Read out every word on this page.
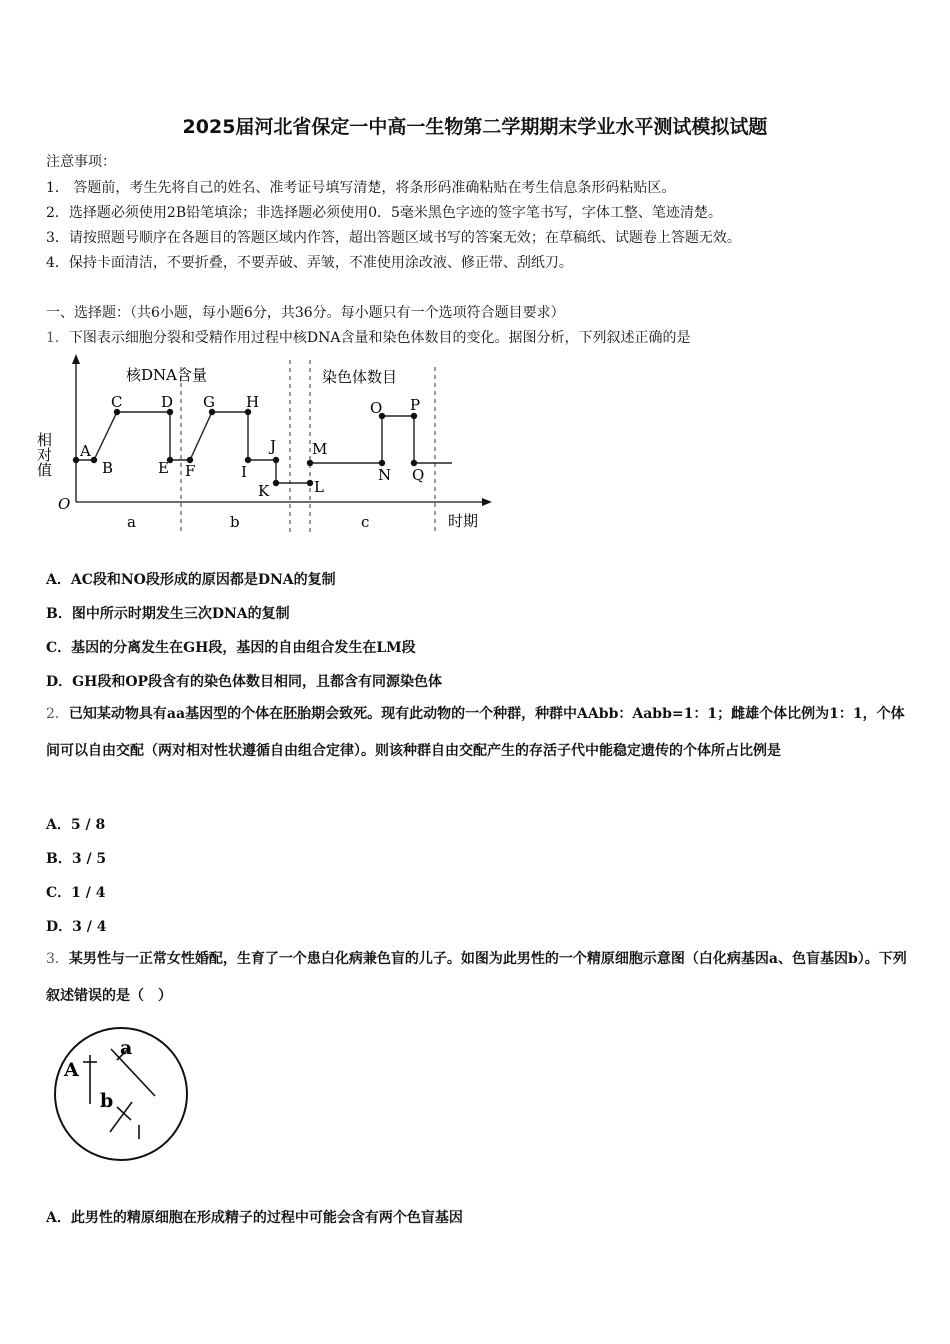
2025届河北省保定一中高一生物第二学期期末学业水平测试模拟试题
注意事项：
1． 答题前，考生先将自己的姓名、准考证号填写清楚，将条形码准确粘贴在考生信息条形码粘贴区。
2．选择题必须使用2B铅笔填涂；非选择题必须使用0．5毫米黑色字迹的签字笔书写，字体工整、笔迹清楚。
3．请按照题号顺序在各题目的答题区域内作答，超出答题区域书写的答案无效；在草稿纸、试题卷上答题无效。
4．保持卡面清洁，不要折叠，不要弄破、弄皱，不准使用涂改液、修正带、刮纸刀。
一、选择题：（共6小题，每小题6分，共36分。每小题只有一个选项符合题目要求）
1．下图表示细胞分裂和受精作用过程中核DNA含量和染色体数目的变化。据图分析，下列叙述正确的是
相对值
O
时期
核DNA含量	染色体数目
a	b	c
A
B
C	D
E F
G H
I
J
K	L
M
N
O P
Q
A．AC段和NO段形成的原因都是DNA的复制
B．图中所示时期发生三次DNA的复制
C．基因的分离发生在GH段，基因的自由组合发生在LM段
D．GH段和OP段含有的染色体数目相同，且都含有同源染色体
2．已知某动物具有aa基因型的个体在胚胎期会致死。现有此动物的一个种群，种群中AAbb：Aabb=1：1；雌雄个体比例为1：1，个体间可以自由交配（两对相对性状遵循自由组合定律）。则该种群自由交配产生的存活子代中能稳定遗传的个体所占比例是
A．5 / 8
B．3 / 5
C．1 / 4
D．3 / 4
3．某男性与一正常女性婚配，生育了一个患白化病兼色盲的儿子。如图为此男性的一个精原细胞示意图（白化病基因a、色盲基因b）。下列叙述错误的是（　）
A
a
b
A．此男性的精原细胞在形成精子的过程中可能会含有两个色盲基因
